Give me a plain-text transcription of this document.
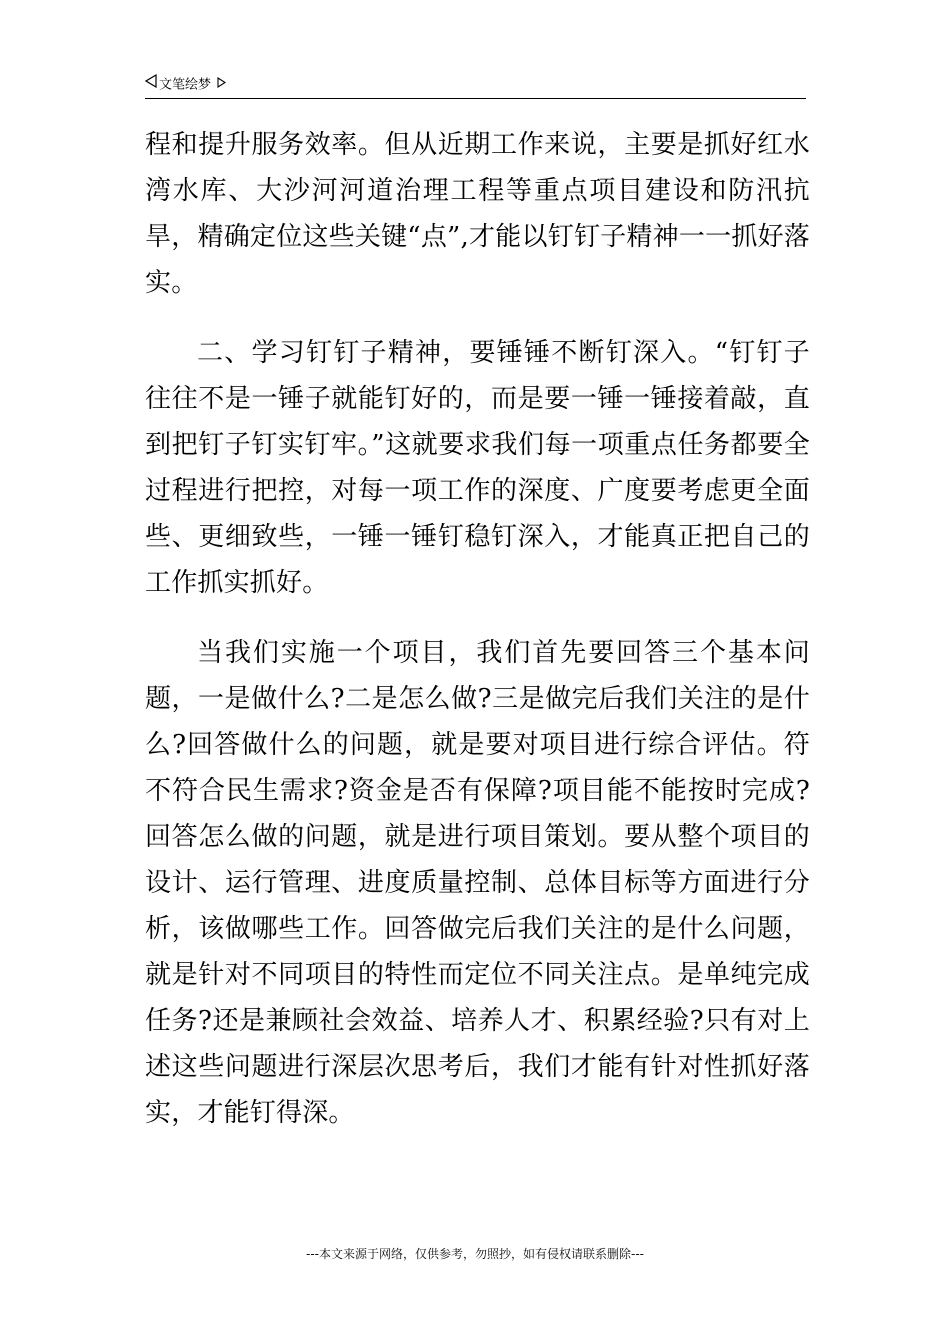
文笔绘梦

程和提升服务效率。但从近期工作来说，主要是抓好红水湾水库、大沙河河道治理工程等重点项目建设和防汛抗旱，精确定位这些关键“点”,才能以钉钉子精神一一抓好落实。

二、学习钉钉子精神，要锤锤不断钉深入。“钉钉子往往不是一锤子就能钉好的，而是要一锤一锤接着敲，直到把钉子钉实钉牢。”这就要求我们每一项重点任务都要全过程进行把控，对每一项工作的深度、广度要考虑更全面些、更细致些，一锤一锤钉稳钉深入，才能真正把自己的工作抓实抓好。

当我们实施一个项目，我们首先要回答三个基本问题，一是做什么?二是怎么做?三是做完后我们关注的是什么?回答做什么的问题，就是要对项目进行综合评估。符不符合民生需求?资金是否有保障?项目能不能按时完成?回答怎么做的问题，就是进行项目策划。要从整个项目的设计、运行管理、进度质量控制、总体目标等方面进行分析，该做哪些工作。回答做完后我们关注的是什么问题，就是针对不同项目的特性而定位不同关注点。是单纯完成任务?还是兼顾社会效益、培养人才、积累经验?只有对上述这些问题进行深层次思考后，我们才能有针对性抓好落实，才能钉得深。

---本文来源于网络，仅供参考，勿照抄，如有侵权请联系删除---
